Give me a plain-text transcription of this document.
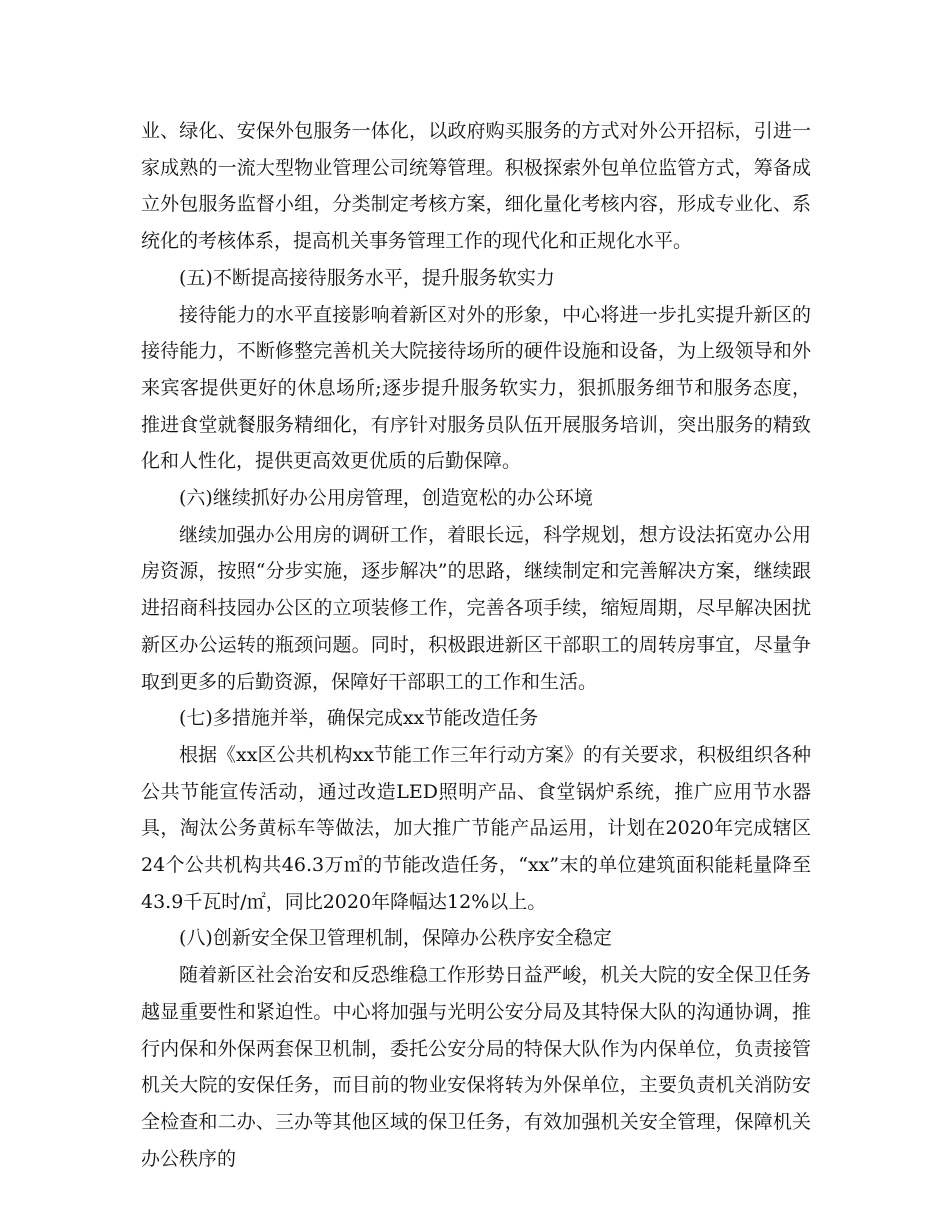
业、绿化、安保外包服务一体化，以政府购买服务的方式对外公开招标，引进一家成熟的一流大型物业管理公司统筹管理。积极探索外包单位监管方式，筹备成立外包服务监督小组，分类制定考核方案，细化量化考核内容，形成专业化、系统化的考核体系，提高机关事务管理工作的现代化和正规化水平。

(五)不断提高接待服务水平，提升服务软实力

接待能力的水平直接影响着新区对外的形象，中心将进一步扎实提升新区的接待能力，不断修整完善机关大院接待场所的硬件设施和设备，为上级领导和外来宾客提供更好的休息场所;逐步提升服务软实力，狠抓服务细节和服务态度，推进食堂就餐服务精细化，有序针对服务员队伍开展服务培训，突出服务的精致化和人性化，提供更高效更优质的后勤保障。

(六)继续抓好办公用房管理，创造宽松的办公环境

继续加强办公用房的调研工作，着眼长远，科学规划，想方设法拓宽办公用房资源，按照“分步实施，逐步解决”的思路，继续制定和完善解决方案，继续跟进招商科技园办公区的立项装修工作，完善各项手续，缩短周期，尽早解决困扰新区办公运转的瓶颈问题。同时，积极跟进新区干部职工的周转房事宜，尽量争取到更多的后勤资源，保障好干部职工的工作和生活。

(七)多措施并举，确保完成xx节能改造任务

根据《xx区公共机构xx节能工作三年行动方案》的有关要求，积极组织各种公共节能宣传活动，通过改造LED照明产品、食堂锅炉系统，推广应用节水器具，淘汰公务黄标车等做法，加大推广节能产品运用，计划在2020年完成辖区24个公共机构共46.3万㎡的节能改造任务，“xx”末的单位建筑面积能耗量降至43.9千瓦时/㎡，同比2020年降幅达12%以上。

(八)创新安全保卫管理机制，保障办公秩序安全稳定

随着新区社会治安和反恐维稳工作形势日益严峻，机关大院的安全保卫任务越显重要性和紧迫性。中心将加强与光明公安分局及其特保大队的沟通协调，推行内保和外保两套保卫机制，委托公安分局的特保大队作为内保单位，负责接管机关大院的安保任务，而目前的物业安保将转为外保单位，主要负责机关消防安全检查和二办、三办等其他区域的保卫任务，有效加强机关安全管理，保障机关办公秩序的
